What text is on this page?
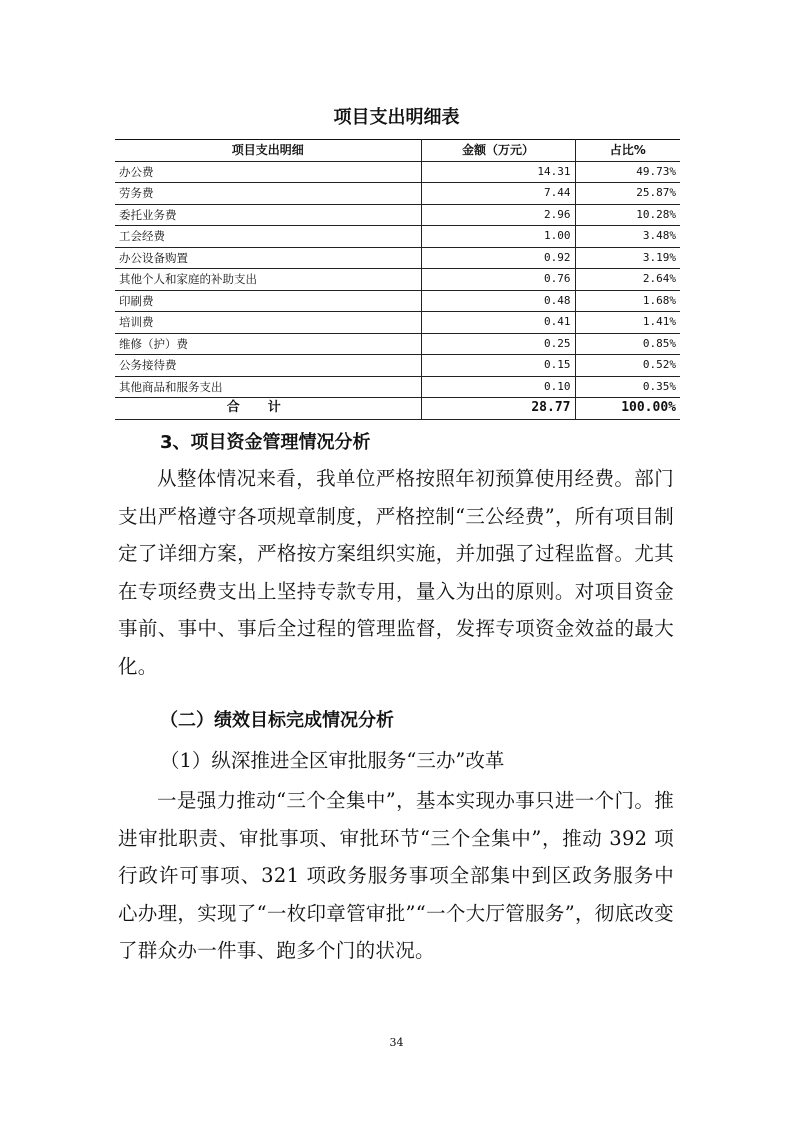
项目支出明细表
项目支出明细	金额（万元）	占比%
办公费	14.31	49.73%
劳务费	7.44	25.87%
委托业务费	2.96	10.28%
工会经费	1.00	3.48%
办公设备购置	0.92	3.19%
其他个人和家庭的补助支出	0.76	2.64%
印刷费	0.48	1.68%
培训费	0.41	1.41%
维修（护）费	0.25	0.85%
公务接待费	0.15	0.52%
其他商品和服务支出	0.10	0.35%
合计	28.77	100.00%
3、项目资金管理情况分析
从整体情况来看，我单位严格按照年初预算使用经费。部门支出严格遵守各项规章制度，严格控制“三公经费”，所有项目制定了详细方案，严格按方案组织实施，并加强了过程监督。尤其在专项经费支出上坚持专款专用，量入为出的原则。对项目资金事前、事中、事后全过程的管理监督，发挥专项资金效益的最大化。
（二）绩效目标完成情况分析
（1）纵深推进全区审批服务“三办”改革
一是强力推动“三个全集中”，基本实现办事只进一个门。推进审批职责、审批事项、审批环节“三个全集中”，推动 392 项行政许可事项、321 项政务服务事项全部集中到区政务服务中心办理，实现了“一枚印章管审批”“一个大厅管服务”，彻底改变了群众办一件事、跑多个门的状况。
34
